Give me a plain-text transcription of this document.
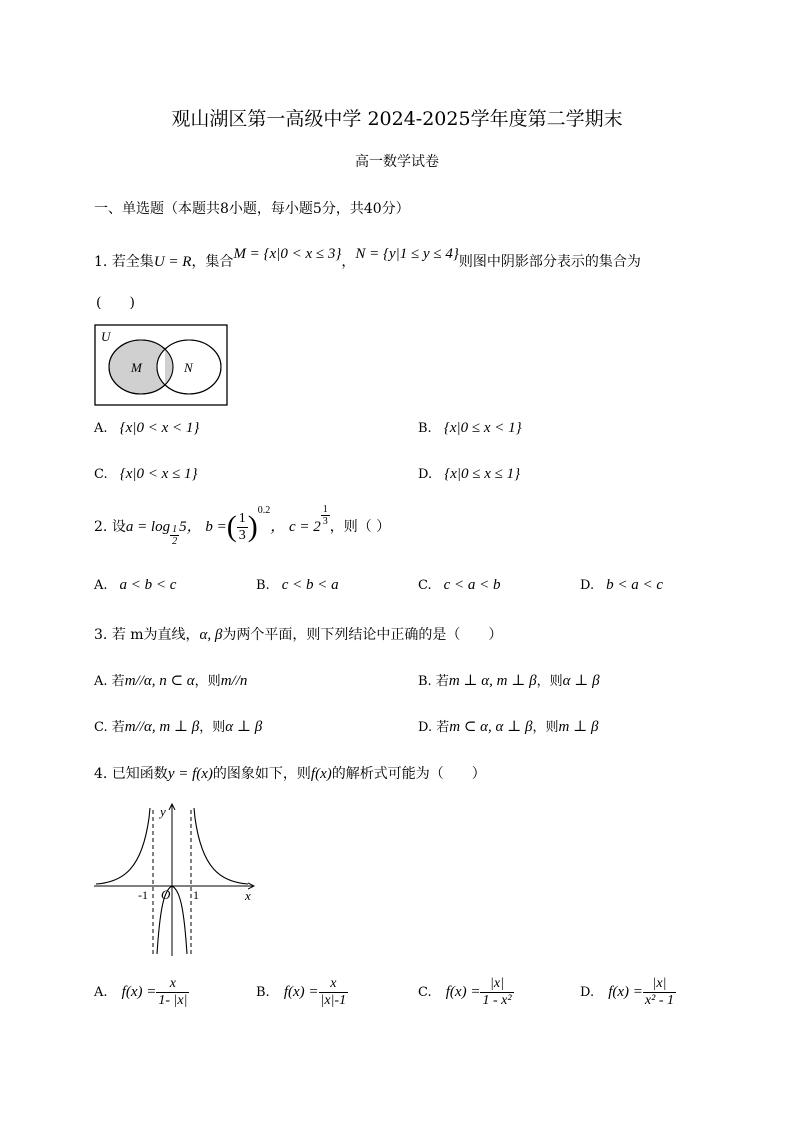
观山湖区第一高级中学 2024-2025学年度第二学期末
高一数学试卷
一、单选题（本题共8小题，每小题5分，共40分）
1. 若全集U = R，集合M = {x|0 < x ≤ 3}，N = {y|1 ≤ y ≤ 4}则图中阴影部分表示的集合为
(　　)
U
M	N
A. {x|0 < x < 1}	B. {x|0 ≤ x < 1}
C. {x|0 < x ≤ 1}	D. {x|0 ≤ x ≤ 1}
2. 设$a = \log \frac{1}{2} 5$， b =( $\frac{1}{3} )^{0.2}$， c = 2
$\frac{1}{3}$
，则（ ）
A. a < b < c	B. c < b < a	C. c < a < b	D. b < a < c
3. 若 m为直线，α, β为两个平面，则下列结论中正确的是（　　）
A. 若m//α, n ⊂ α，则m//n	B. 若m ⊥ α, m ⊥ β，则α ⊥ β
C. 若m//α, m ⊥ β，则α ⊥ β	D. 若m ⊂ α, α ⊥ β，则m ⊥ β
4. 已知函数y = f(x)的图象如下，则f(x)的解析式可能为（　　）
y
x
O
-1	1
A. $f(x) = \frac{x}{1- |x|}$	B. $f(x) = \frac{x}{|x|-1}$	C. $f(x) = \frac{|x|}{\text{1 - x²}}$	D. $f(x) = \frac{|x|}{\text{x² - 1}}$
